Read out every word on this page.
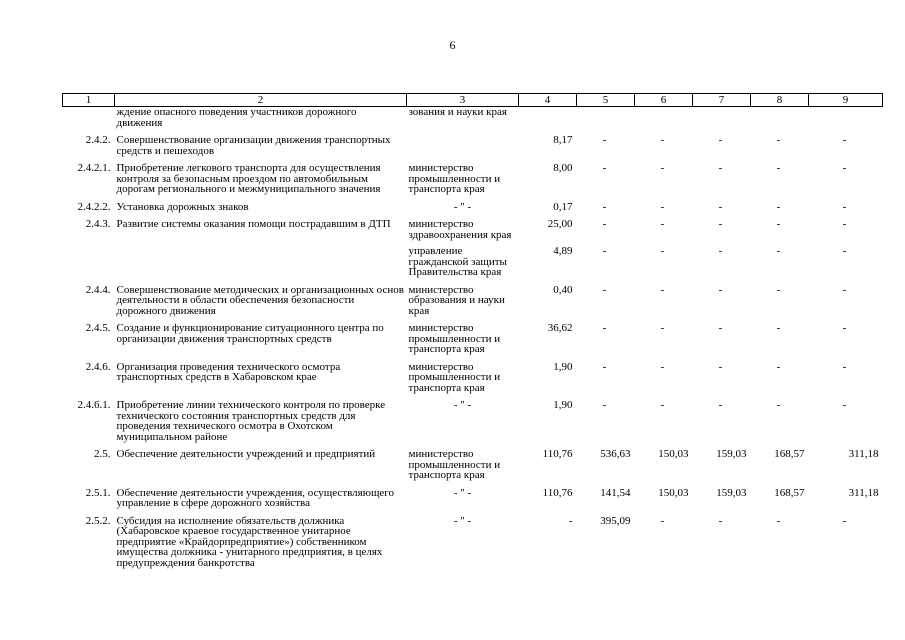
6
1	2	3	4	5	6	7	8	9
	ждение опасного поведения участников дорожного движения	зования и науки края						
2.4.2.	Совершенствование организации движения транспортных средств и пешеходов		8,17	-	-	-	-	-
2.4.2.1.	Приобретение легкового транспорта для осуществления контроля за безопасным проездом по автомобильным дорогам регионального и межмуниципального значения	министерство промышленности и транспорта края	8,00	-	-	-	-	-
2.4.2.2.	Установка дорожных знаков	- " -	0,17	-	-	-	-	-
2.4.3.	Развитие системы оказания помощи пострадавшим в ДТП	министерство здравоохранения края	25,00	-	-	-	-	-
		управление гражданской защиты Правительства края	4,89	-	-	-	-	-
2.4.4.	Совершенствование методических и организационных основ деятельности в области обеспечения безопасности дорожного движения	министерство образования и науки края	0,40	-	-	-	-	-
2.4.5.	Создание и функционирование ситуационного центра по организации движения транспортных средств	министерство промышленности и транспорта края	36,62	-	-	-	-	-
2.4.6.	Организация проведения технического осмотра транспортных средств в Хабаровском крае	министерство промышленности и транспорта края	1,90	-	-	-	-	-
2.4.6.1.	Приобретение линии технического контроля по проверке технического состояния транспортных средств для проведения технического осмотра в Охотском муниципальном районе	- " -	1,90	-	-	-	-	-
2.5.	Обеспечение деятельности учреждений и предприятий	министерство промышленности и транспорта края	110,76	536,63	150,03	159,03	168,57	311,18
2.5.1.	Обеспечение деятельности учреждения, осуществляющего управление в сфере дорожного хозяйства	- " -	110,76	141,54	150,03	159,03	168,57	311,18
2.5.2.	Субсидия на исполнение обязательств должника (Хабаровское краевое государственное унитарное предприятие «Крайдорпредприятие») собственником имущества должника - унитарного предприятия, в целях предупреждения банкротства	- " -	-	395,09	-	-	-	-
